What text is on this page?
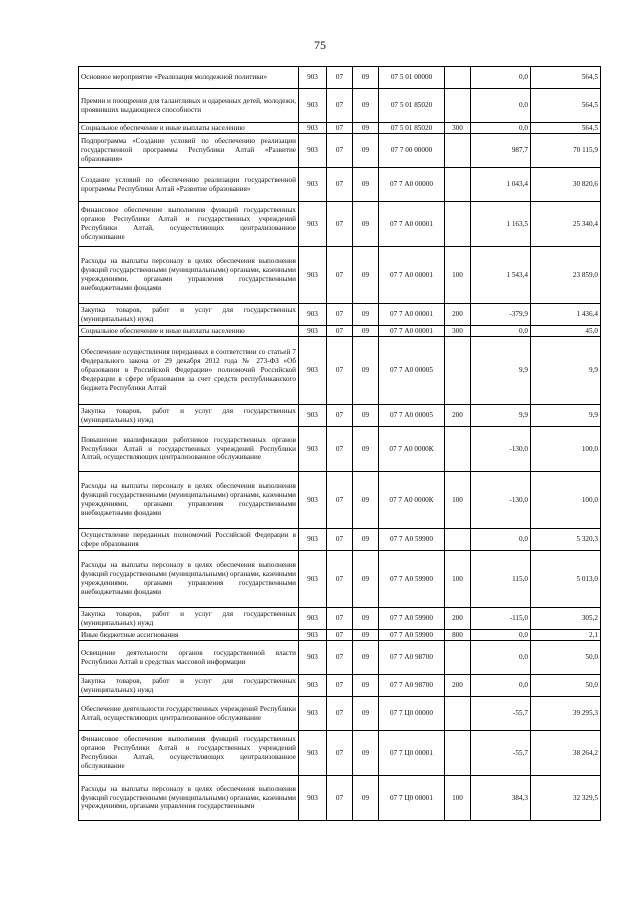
75
Основное мероприятие «Реализация молодежной политики»	903	07	09	07 5 01 00000		0,0	564,5
Премии и поощрения для талантливых и одаренных детей, молодежи, проявивших выдающиеся способности	903	07	09	07 5 01 85020		0,0	564,5
Социальное обеспечение и иные выплаты населению	903	07	09	07 5 01 85020	300	0,0	564,5
Подпрограмма «Создание условий по обеспечению реализации государственной программы Республики Алтай «Развитие образования»	903	07	09	07 7 00 00000		987,7	70 115,9
Создание условий по обеспечению реализации государственной программы Республики Алтай «Развитие образования»	903	07	09	07 7 А0 00000		1 043,4	30 820,6
Финансовое обеспечение выполнения функций государственных органов Республики Алтай и государственных учреждений Республики Алтай, осуществляющих централизованное обслуживание	903	07	09	07 7 А0 00001		1 163,5	25 340,4
Расходы на выплаты персоналу в целях обеспечения выполнения функций государственными (муниципальными) органами, казенными учреждениями, органами управления государственными внебюджетными фондами	903	07	09	07 7 А0 00001	100	1 543,4	23 859,0
Закупка товаров, работ и услуг для государственных (муниципальных) нужд	903	07	09	07 7 А0 00001	200	-379,9	1 436,4
Социальное обеспечение и иные выплаты населению	903	07	09	07 7 А0 00001	300	0,0	45,0
Обеспечение осуществления переданных в соответствии со статьей 7 Федерального закона от 29 декабря 2012 года № 273-ФЗ «Об образовании в Российской Федерации» полномочий Российской Федерации в сфере образования за счет средств республиканского бюджета Республики Алтай	903	07	09	07 7 А0 00005		9,9	9,9
Закупка товаров, работ и услуг для государственных (муниципальных) нужд	903	07	09	07 7 А0 00005	200	9,9	9,9
Повышение квалификации работников государственных органов Республики Алтай и государственных учреждений Республики Алтай, осуществляющих централизованное обслуживание	903	07	09	07 7 А0 0000К		-130,0	100,0
Расходы на выплаты персоналу в целях обеспечения выполнения функций государственными (муниципальными) органами, казенными учреждениями, органами управления государственными внебюджетными фондами	903	07	09	07 7 А0 0000К	100	-130,0	100,0
Осуществление переданных полномочий Российской Федерации в сфере образования	903	07	09	07 7 А0 59900		0,0	5 320,3
Расходы на выплаты персоналу в целях обеспечения выполнения функций государственными (муниципальными) органами, казенными учреждениями, органами управления государственными внебюджетными фондами	903	07	09	07 7 А0 59900	100	115,0	5 013,0
Закупка товаров, работ и услуг для государственных (муниципальных) нужд	903	07	09	07 7 А0 59900	200	-115,0	305,2
Иные бюджетные ассигнования	903	07	09	07 7 А0 59900	800	0,0	2,1
Освещение деятельности органов государственной власти Республики Алтай в средствах массовой информации	903	07	09	07 7 А0 98700		0,0	50,0
Закупка товаров, работ и услуг для государственных (муниципальных) нужд	903	07	09	07 7 А0 98700	200	0,0	50,0
Обеспечение деятельности государственных учреждений Республики Алтай, осуществляющих централизованное обслуживание	903	07	09	07 7 Ц0 00000		-55,7	39 295,3
Финансовое обеспечение выполнения функций государственных органов Республики Алтай и государственных учреждений Республики Алтай, осуществляющих централизованное обслуживание	903	07	09	07 7 Ц0 00001		-55,7	38 264,2
Расходы на выплаты персоналу в целях обеспечения выполнения функций государственными (муниципальными) органами, казенными учреждениями, органами управления государственными	903	07	09	07 7 Ц0 00001	100	384,3	32 329,5
